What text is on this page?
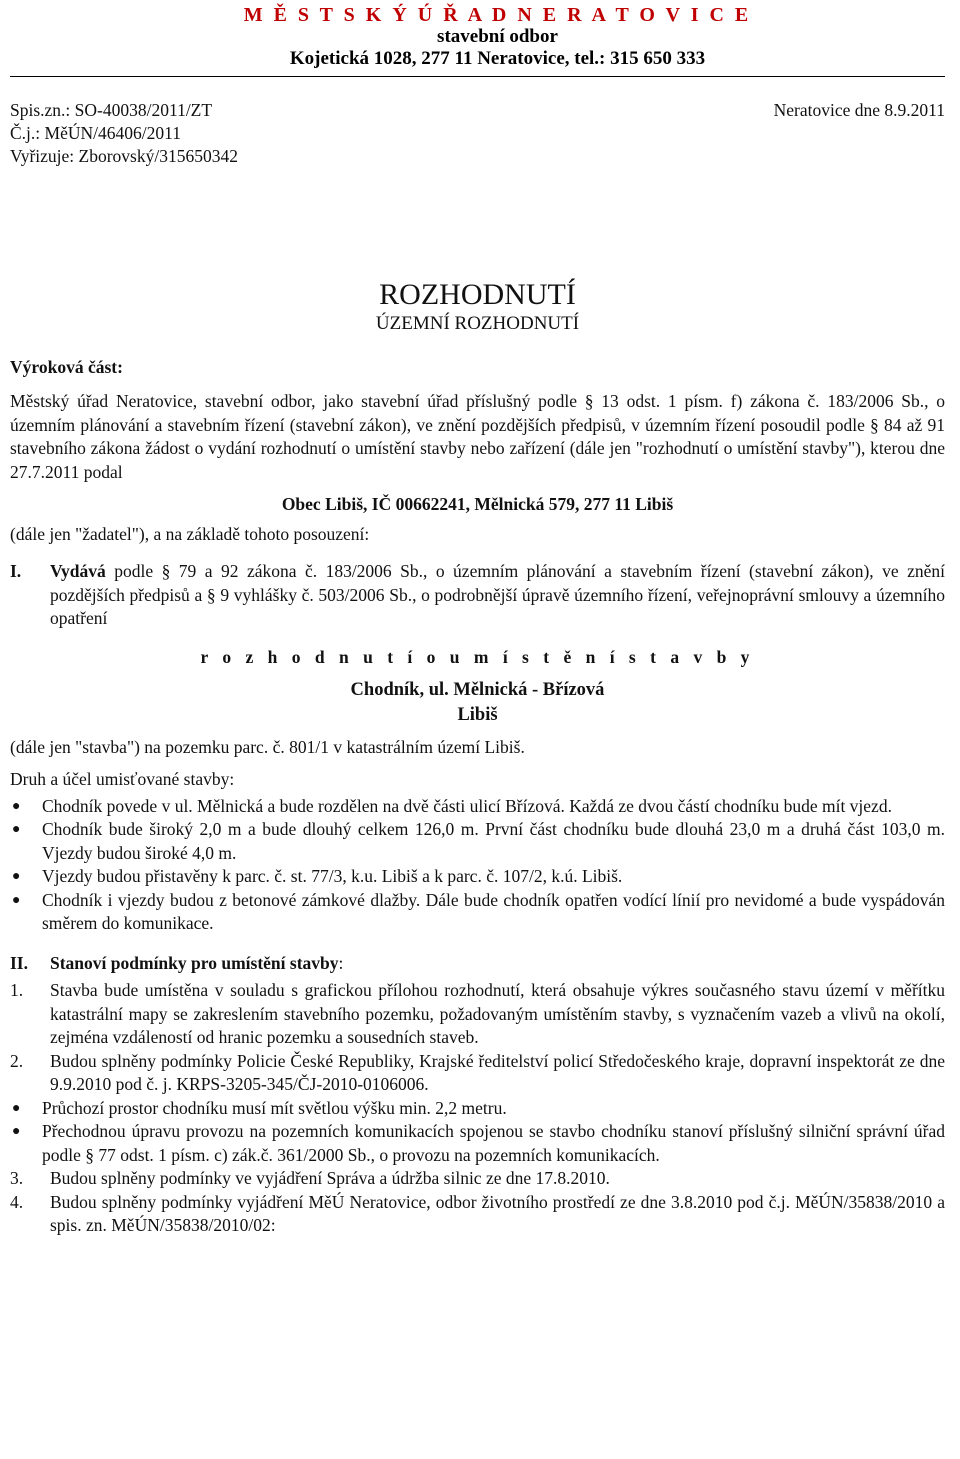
M Ě S T S K Ý Ú Ř A D N E R A T O V I C E
stavební odbor
Kojetická 1028, 277 11 Neratovice, tel.: 315 650 333
Spis.zn.: SO-40038/2011/ZT
Č.j.: MěÚN/46406/2011
Vyřizuje: Zborovský/315650342
Neratovice dne 8.9.2011
ROZHODNUTÍ
ÚZEMNÍ ROZHODNUTÍ
Výroková část:

Městský úřad Neratovice, stavební odbor, jako stavební úřad příslušný podle § 13 odst. 1 písm. f) zákona č. 183/2006 Sb., o územním plánování a stavebním řízení (stavební zákon), ve znění pozdějších předpisů, v územním řízení posoudil podle § 84 až 91 stavebního zákona žádost o vydání rozhodnutí o umístění stavby nebo zařízení (dále jen "rozhodnutí o umístění stavby"), kterou dne 27.7.2011 podal

Obec Libiš, IČ 00662241, Mělnická 579, 277 11 Libiš

(dále jen "žadatel"), a na základě tohoto posouzení:

I.	Vydává podle § 79 a 92 zákona č. 183/2006 Sb., o územním plánování a stavebním řízení (stavební zákon), ve znění pozdějších předpisů a § 9 vyhlášky č. 503/2006 Sb., o podrobnější úpravě územního řízení, veřejnoprávní smlouvy a územního opatření
r o z h o d n u t í o u m í s t ě n í s t a v b y

Chodník, ul. Mělnická - Břízová

Libiš

(dále jen "stavba") na pozemku parc. č. 801/1 v katastrálním území Libiš.

Druh a účel umisťované stavby:

●	Chodník povede v ul. Mělnická a bude rozdělen na dvě části ulicí Břízová. Každá ze dvou částí chodníku bude mít vjezd.
●	Chodník bude široký 2,0 m a bude dlouhý celkem 126,0 m. První část chodníku bude dlouhá 23,0 m a druhá část 103,0 m. Vjezdy budou široké 4,0 m.
●	Vjezdy budou přistavěny k parc. č. st. 77/3, k.u. Libiš a k parc. č. 107/2, k.ú. Libiš.
●	Chodník i vjezdy budou z betonové zámkové dlažby. Dále bude chodník opatřen vodící línií pro nevidomé a bude vyspádován směrem do komunikace.
II.	Stanoví podmínky pro umístění stavby:
1.	Stavba bude umístěna v souladu s grafickou přílohou rozhodnutí, která obsahuje výkres současného stavu území v měřítku katastrální mapy se zakreslením stavebního pozemku, požadovaným umístěním stavby, s vyznačením vazeb a vlivů na okolí, zejména vzdáleností od hranic pozemku a sousedních staveb.
2.	Budou splněny podmínky Policie České Republiky, Krajské ředitelství policí Středočeského kraje, dopravní inspektorát ze dne 9.9.2010 pod č. j. KRPS-3205-345/ČJ-2010-0106006.
●	Průchozí prostor chodníku musí mít světlou výšku min. 2,2 metru.
●	Přechodnou úpravu provozu na pozemních komunikacích spojenou se stavbo chodníku stanoví příslušný silniční správní úřad podle § 77 odst. 1 písm. c) zák.č. 361/2000 Sb., o provozu na pozemních komunikacích.
3.	Budou splněny podmínky ve vyjádření Správa a údržba silnic ze dne 17.8.2010.
4.	Budou splněny podmínky vyjádření MěÚ Neratovice, odbor životního prostředí ze dne 3.8.2010 pod č.j. MěÚN/35838/2010 a spis. zn. MěÚN/35838/2010/02:
